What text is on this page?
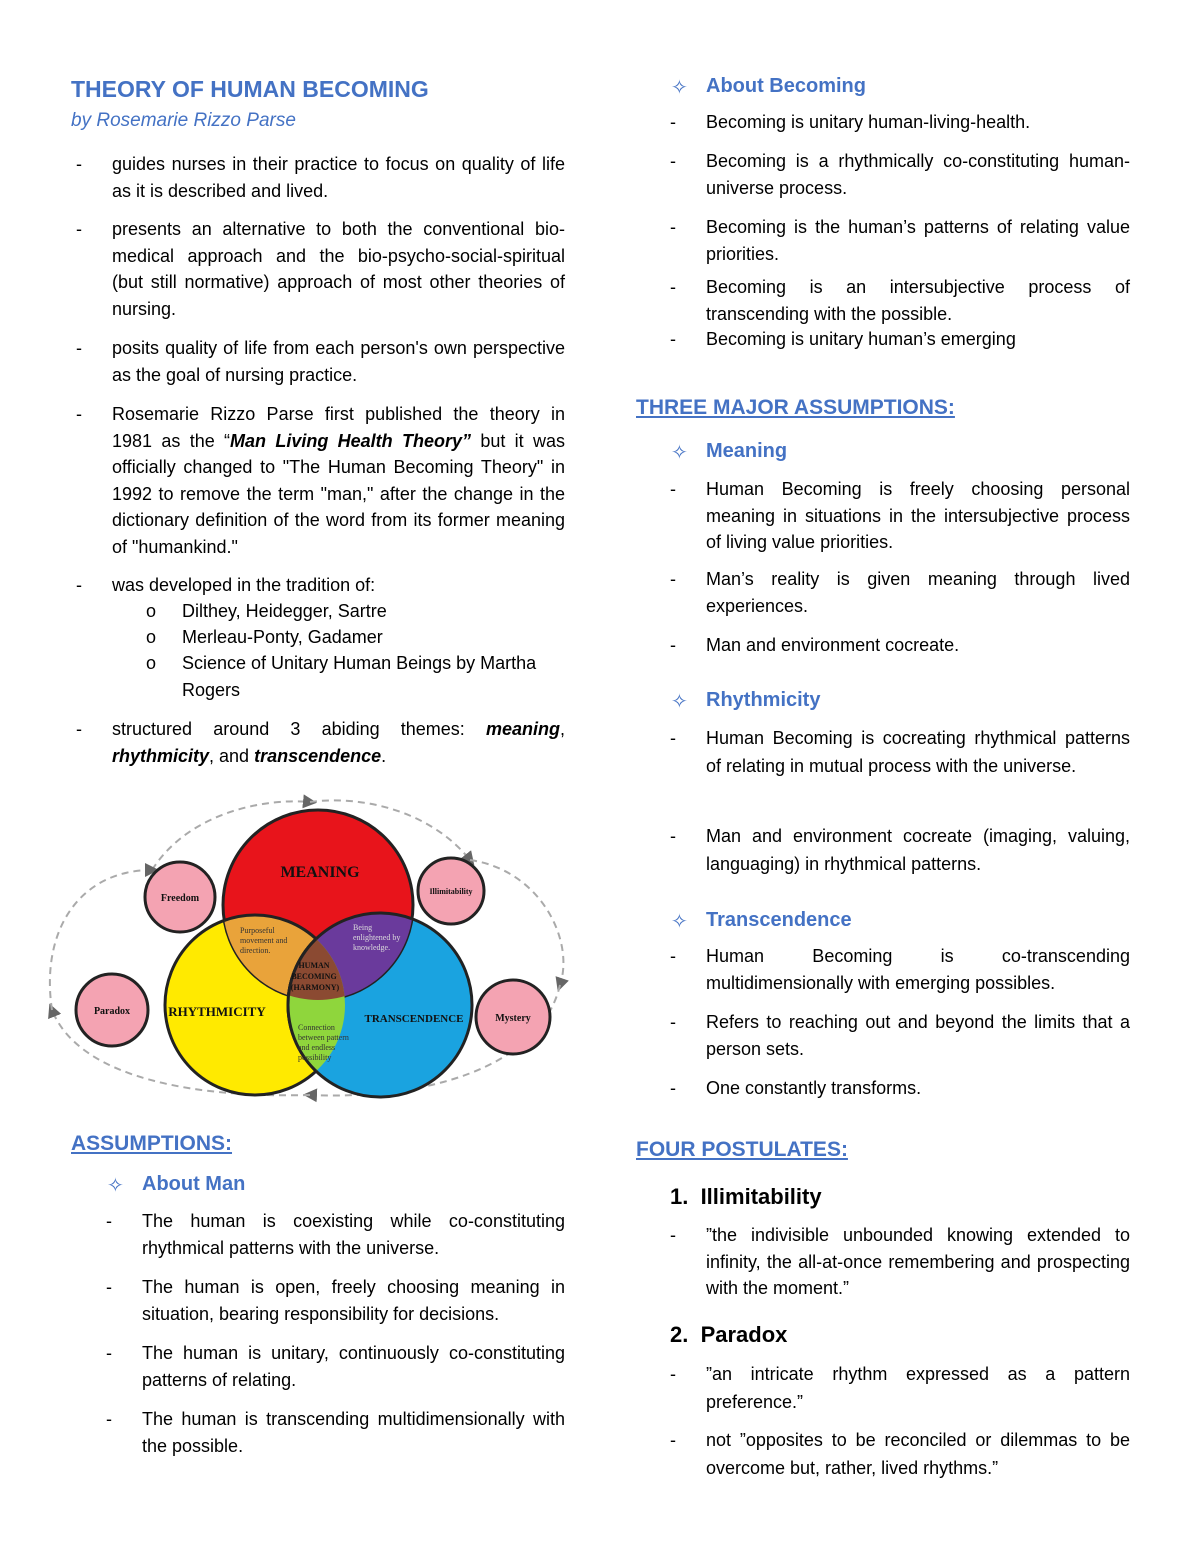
THEORY OF HUMAN BECOMING
by Rosemarie Rizzo Parse
- guides nurses in their practice to focus on quality of life as it is described and lived.
- presents an alternative to both the conventional bio-medical approach and the bio-psycho-social-spiritual (but still normative) approach of most other theories of nursing.
- posits quality of life from each person's own perspective as the goal of nursing practice.
- Rosemarie Rizzo Parse first published the theory in 1981 as the “Man Living Health Theory” but it was officially changed to "The Human Becoming Theory" in 1992 to remove the term "man," after the change in the dictionary definition of the word from its former meaning of "humankind."
- was developed in the tradition of:
o Dilthey, Heidegger, Sartre
o Merleau-Ponty, Gadamer
o Science of Unitary Human Beings by Martha Rogers
- structured around 3 abiding themes: meaning, rhythmicity, and transcendence.
MEANING
RHYTHMICITY	TRANSCENDENCE
Purposeful movement and direction.
Being enlightened by knowledge.
Connection between pattern and endless possibility
HUMAN BECOMING (HARMONY)
Freedom
Illimitability
Paradox
Mystery
ASSUMPTIONS:
✧ About Man
- The human is coexisting while co-constituting rhythmical patterns with the universe.
- The human is open, freely choosing meaning in situation, bearing responsibility for decisions.
- The human is unitary, continuously co-constituting patterns of relating.
- The human is transcending multidimensionally with the possible.
✧ About Becoming
- Becoming is unitary human-living-health.
- Becoming is a rhythmically co-constituting human-universe process.
- Becoming is the human’s patterns of relating value priorities.
- Becoming is an intersubjective process of transcending with the possible.
- Becoming is unitary human’s emerging
THREE MAJOR ASSUMPTIONS:
✧ Meaning
- Human Becoming is freely choosing personal meaning in situations in the intersubjective process of living value priorities.
- Man’s reality is given meaning through lived experiences.
- Man and environment cocreate.
✧ Rhythmicity
- Human Becoming is cocreating rhythmical patterns of relating in mutual process with the universe.
- Man and environment cocreate (imaging, valuing, languaging) in rhythmical patterns.
✧ Transcendence
- Human Becoming is co-transcending multidimensionally with emerging possibles.
- Refers to reaching out and beyond the limits that a person sets.
- One constantly transforms.
FOUR POSTULATES:
1.  Illimitability
- ”the indivisible unbounded knowing extended to infinity, the all-at-once remembering and prospecting with the moment.”
2.  Paradox
- ”an intricate rhythm expressed as a pattern preference.”
- not ”opposites to be reconciled or dilemmas to be overcome but, rather, lived rhythms.”
